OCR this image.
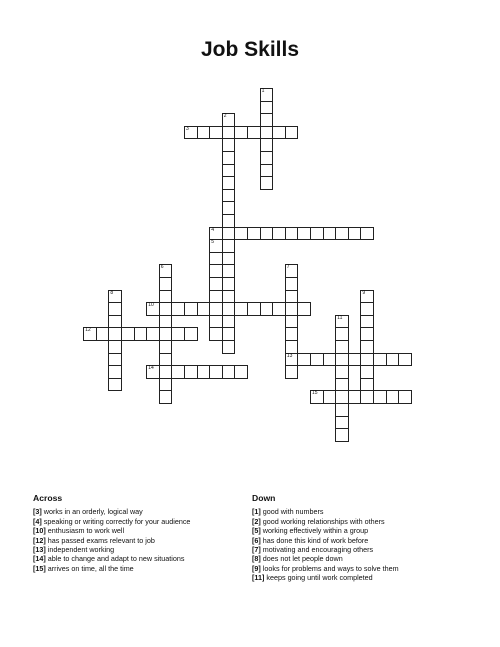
Job Skills
1
2
3
4
5
6	7
13
8	9
10
11
12
14
15
Across
[3] works in an orderly, logical way
[4] speaking or writing correctly for your audience
[10] enthusiasm to work well
[12] has passed exams relevant to job
[13] independent working
[14] able to change and adapt to new situations
[15] arrives on time, all the time
Down
[1] good with numbers
[2] good working relationships with others
[5] working effectively within a group
[6] has done this kind of work before
[7] motivating and encouraging others
[8] does not let people down
[9] looks for problems and ways to solve them
[11] keeps going until work completed
